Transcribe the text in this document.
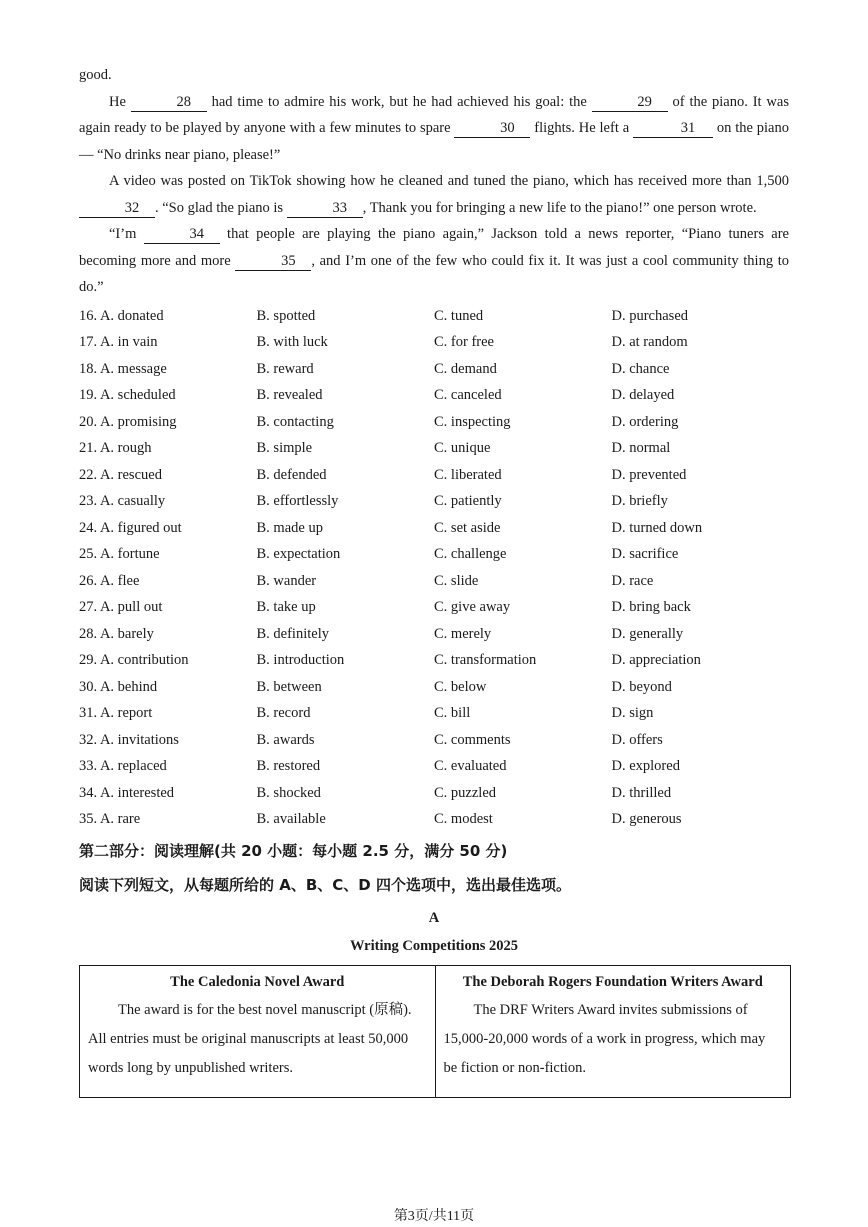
good.

He	28 had time to admire his work, but he had achieved his goal: the	29 of the piano. It was again ready to be played by anyone with a few minutes to spare	30 flights. He left a	31 on the piano — “No drinks near piano, please!”

A video was posted on TikTok showing how he cleaned and tuned the piano, which has received more than 1,500 32 . “So glad the piano is	33 , Thank you for bringing a new life to the piano!” one person wrote.

“I’m	34 that people are playing the piano again,” Jackson told a news reporter, “Piano tuners are becoming more and more	35 , and I’m one of the few who could fix it. It was just a cool community thing to do.”

16. A. donated	B. spotted	C. tuned	D. purchased
17. A. in vain	B. with luck	C. for free	D. at random
18. A. message	B. reward	C. demand	D. chance
19. A. scheduled	B. revealed	C. canceled	D. delayed
20. A. promising	B. contacting	C. inspecting	D. ordering
21. A. rough	B. simple	C. unique	D. normal
22. A. rescued	B. defended	C. liberated	D. prevented
23. A. casually	B. effortlessly	C. patiently	D. briefly
24. A. figured out	B. made up	C. set aside	D. turned down
25. A. fortune	B. expectation	C. challenge	D. sacrifice
26. A. flee	B. wander	C. slide	D. race
27. A. pull out	B. take up	C. give away	D. bring back
28. A. barely	B. definitely	C. merely	D. generally
29. A. contribution	B. introduction	C. transformation	D. appreciation
30. A. behind	B. between	C. below	D. beyond
31. A. report	B. record	C. bill	D. sign
32. A. invitations	B. awards	C. comments	D. offers
33. A. replaced	B. restored	C. evaluated	D. explored
34. A. interested	B. shocked	C. puzzled	D. thrilled
35. A. rare	B. available	C. modest	D. generous
第二部分：阅读理解(共 20 小题：每小题 2.5 分，满分 50 分)
阅读下列短文，从每题所给的 A、B、C、D 四个选项中，选出最佳选项。
A
Writing Competitions 2025
The Caledonia Novel Award
The award is for the best novel manuscript (原稿). All entries must be original manuscripts at least 50,000 words long by unpublished writers.

The Deborah Rogers Foundation Writers Award
The DRF Writers Award invites submissions of 15,000-20,000 words of a work in progress, which may be fiction or non-fiction.
第3页/共11页
